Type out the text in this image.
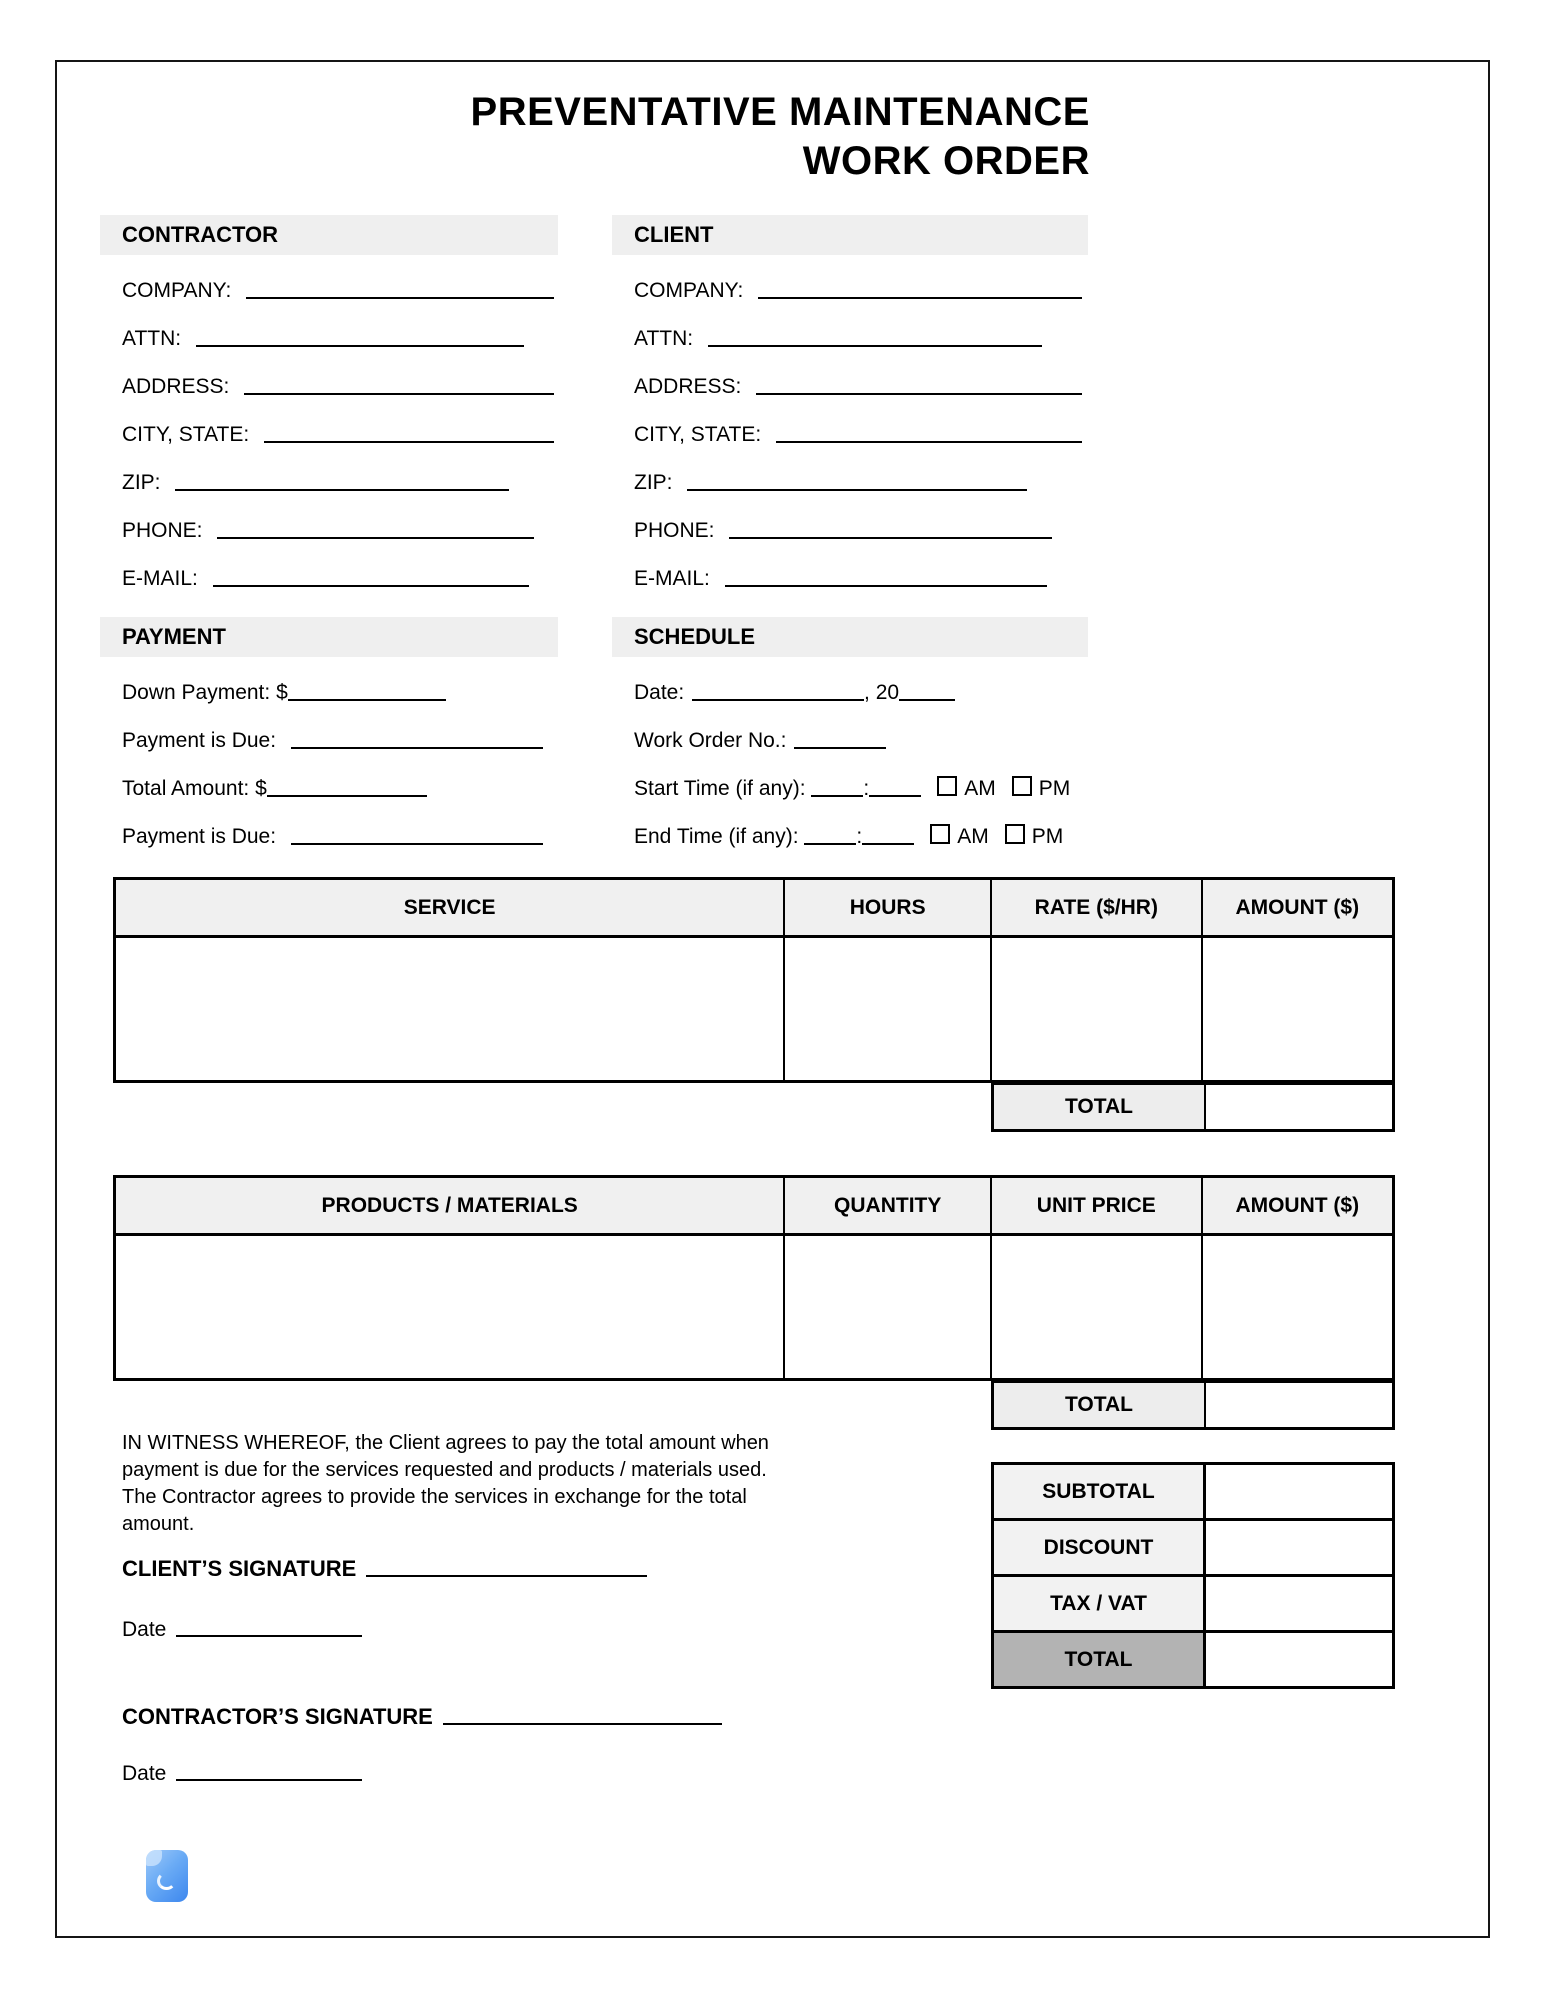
PREVENTATIVE MAINTENANCE
WORK ORDER
CONTRACTOR
COMPANY:
ATTN:
ADDRESS:
CITY, STATE:
ZIP:
PHONE:
E-MAIL:
CLIENT
COMPANY:
ATTN:
ADDRESS:
CITY, STATE:
ZIP:
PHONE:
E-MAIL:
PAYMENT
Down Payment: $
Payment is Due:
Total Amount: $
Payment is Due:
SCHEDULE
Date:	, 20
Work Order No.:
Start Time (if any): :	AM PM
End Time (if any): :	AM PM
SERVICE	HOURS	RATE ($/HR)	AMOUNT ($)
TOTAL
PRODUCTS / MATERIALS	QUANTITY	UNIT PRICE	AMOUNT ($)
TOTAL
IN WITNESS WHEREOF, the Client agrees to pay the total amount when payment is due for the services requested and products / materials used. The Contractor agrees to provide the services in exchange for the total amount.
SUBTOTAL
DISCOUNT
TAX / VAT
TOTAL
CLIENT’S SIGNATURE
Date
CONTRACTOR’S SIGNATURE
Date
